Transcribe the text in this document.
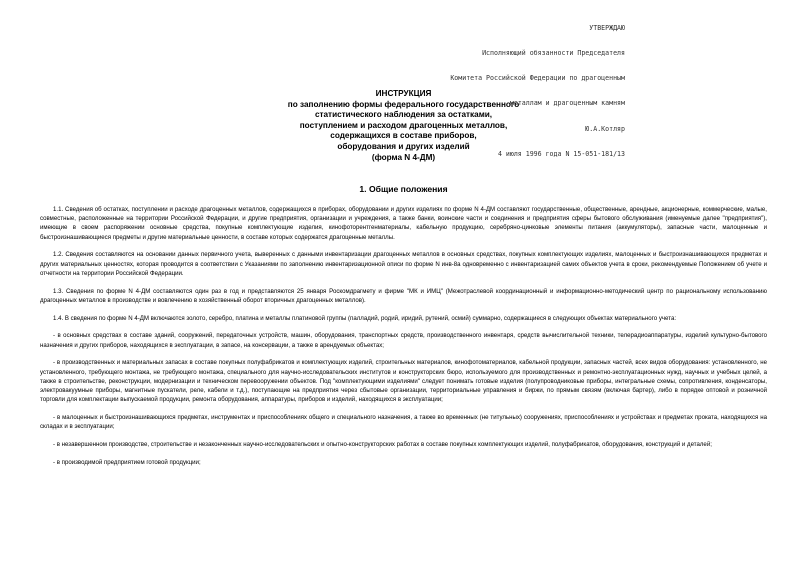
УТВЕРЖДАЮ

Исполняющий обязанности Председателя

Комитета Российской Федерации по драгоценным

металлам и драгоценным камням

Ю.А.Котляр

4 июля 1996 года N 15-051-181/13

ИНСТРУКЦИЯ
по заполнению формы федерального государственного
статистического наблюдения за остатками,
поступлением и расходом драгоценных металлов,
содержащихся в составе приборов,
оборудования и других изделий
(форма N 4-ДМ)
1. Общие положения

1.1. Сведения об остатках, поступлении и расходе драгоценных металлов, содержащихся в приборах, оборудовании и других изделиях по форме N 4-ДМ составляют государственные, общественные, арендные, акционерные, коммерческие, малые, совместные, расположенные на территории Российской Федерации, и другие предприятия, организации и учреждения, а также банки, воинские части и соединения и предприятия сферы бытового обслуживания (именуемые далее "предприятия"), имеющие в своем распоряжении основные средства, покупные комплектующие изделия, кинофоторентгенматериалы, кабельную продукцию, серебряно-цинковые элементы питания (аккумуляторы), запасные части, малоценные и быстроизнашивающиеся предметы и другие материальные ценности, в составе которых содержатся драгоценные металлы.

1.2. Сведения составляются на основании данных первичного учета, выверенных с данными инвентаризации драгоценных металлов в основных средствах, покупных комплектующих изделиях, малоценных и быстроизнашивающихся предметах и других материальных ценностях, которая проводится в соответствии с Указаниями по заполнению инвентаризационной описи по форме N инв-8а одновременно с инвентаризацией самих объектов учета в сроки, рекомендуемые Положением об учете и отчетности на территории Российской Федерации.

1.3. Сведения по форме N 4-ДМ составляются один раз в год и представляются 25 января Роскомдрагмету и фирме "МК и ИМЦ" (Межотраслевой координационный и информационно-методический центр по рациональному использованию драгоценных металлов в производстве и вовлечению в хозяйственный оборот вторичных драгоценных металлов).

1.4. В сведения по форме N 4-ДМ включаются золото, серебро, платина и металлы платиновой группы (палладий, родий, иридий, рутений, осмий) суммарно, содержащиеся в следующих объектах материального учета:

- в основных средствах в составе зданий, сооружений, передаточных устройств, машин, оборудования, транспортных средств, производственного инвентаря, средств вычислительной техники, телерадиоаппаратуры, изделий культурно-бытового назначения и других приборов, находящихся в эксплуатации, в запасе, на консервации, а также в арендуемых объектах;

- в производственных и материальных запасах в составе покупных полуфабрикатов и комплектующих изделий, строительных материалов, кинофотоматериалов, кабельной продукции, запасных частей, всех видов оборудования: установленного, не установленного, требующего монтажа, не требующего монтажа, специального для научно-исследовательских институтов и конструкторских бюро, используемого для производственных и ремонтно-эксплуатационных нужд, научных и учебных целей, а также в строительстве, реконструкции, модернизации и техническом перевооружении объектов. Под "комплектующими изделиями" следует понимать готовые изделия (полупроводниковые приборы, интегральные схемы, сопротивления, конденсаторы, электровакуумные приборы, магнитные пускатели, реле, кабели и т.д.), поступающие на предприятия через сбытовые организации, территориальные управления и биржи, по прямым связям (включая бартер), либо в порядке оптовой и розничной торговли для комплектации выпускаемой продукции, ремонта оборудования, аппаратуры, приборов и изделий, находящихся в эксплуатации;

- в малоценных и быстроизнашивающихся предметах, инструментах и приспособлениях общего и специального назначения, а также во временных (не титульных) сооружениях, приспособлениях и устройствах и предметах проката, находящихся на складах и в эксплуатации;

- в незавершенном производстве, строительстве и незаконченных научно-исследовательских и опытно-конструкторских работах в составе покупных комплектующих изделий, полуфабрикатов, оборудования, конструкций и деталей;

- в производимой предприятием готовой продукции;
